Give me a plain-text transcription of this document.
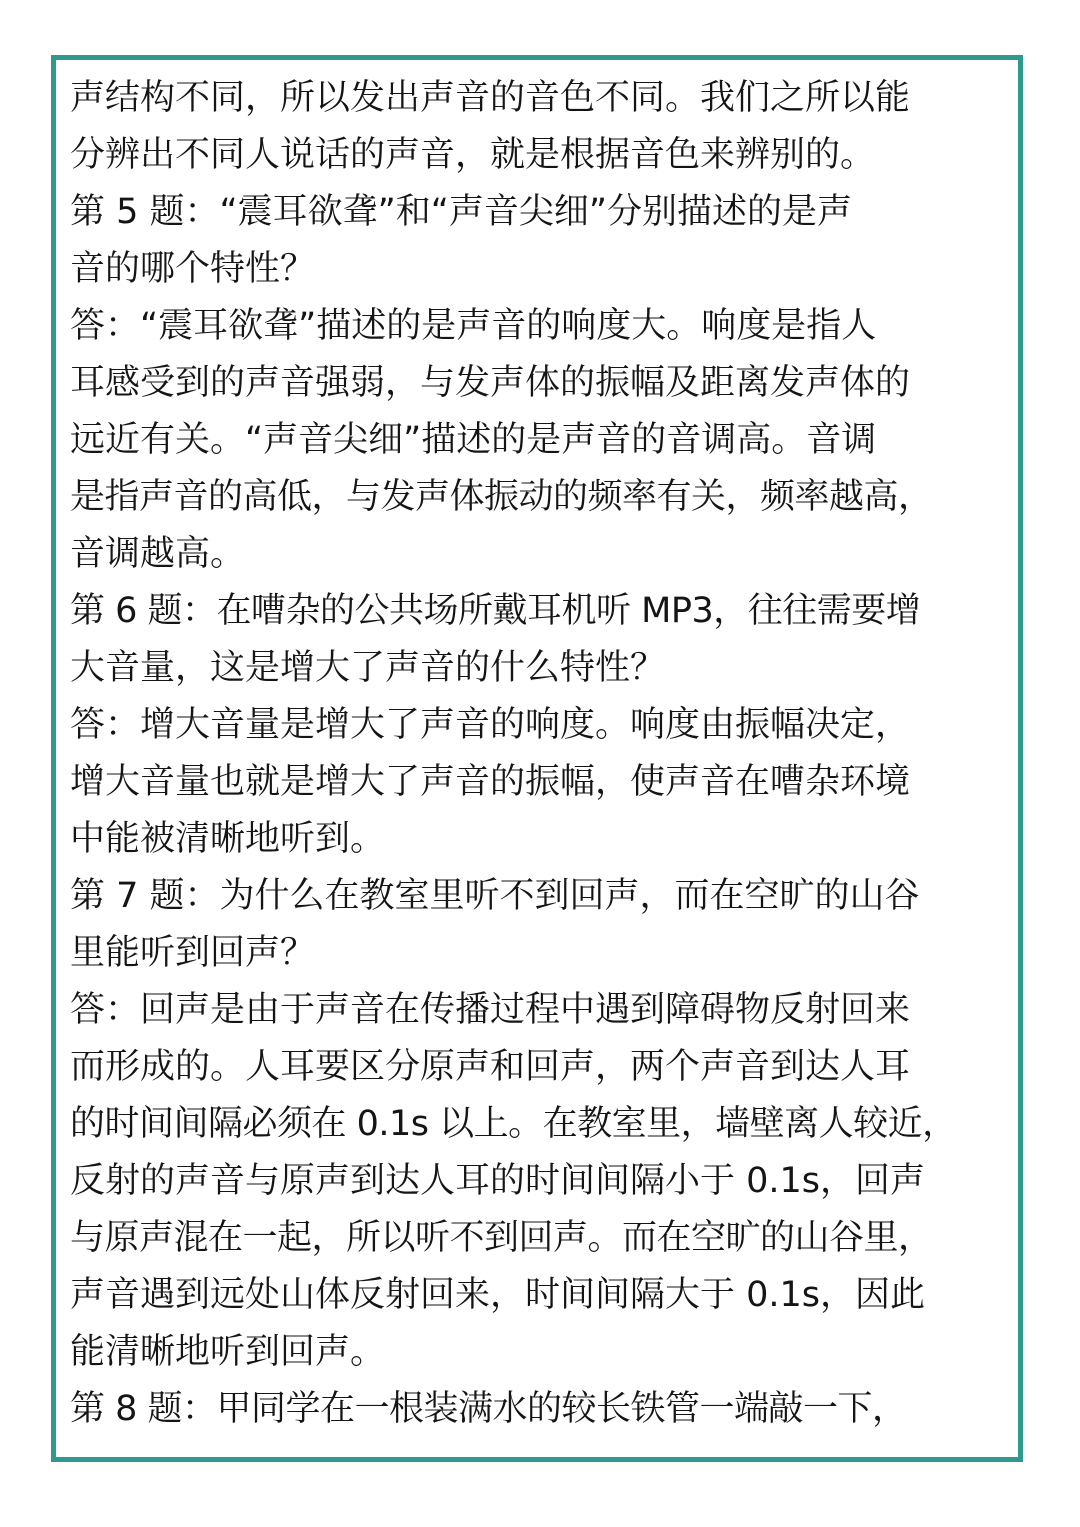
声结构不同，所以发出声音的音色不同。我们之所以能
分辨出不同人说话的声音，就是根据音色来辨别的。
第 5 题：“震耳欲聋”和“声音尖细”分别描述的是声
音的哪个特性？
答：“震耳欲聋”描述的是声音的响度大。响度是指人
耳感受到的声音强弱，与发声体的振幅及距离发声体的
远近有关。“声音尖细”描述的是声音的音调高。音调
是指声音的高低，与发声体振动的频率有关，频率越高，
音调越高。
第 6 题：在嘈杂的公共场所戴耳机听 MP3，往往需要增
大音量，这是增大了声音的什么特性？
答：增大音量是增大了声音的响度。响度由振幅决定，
增大音量也就是增大了声音的振幅，使声音在嘈杂环境
中能被清晰地听到。
第 7 题：为什么在教室里听不到回声，而在空旷的山谷
里能听到回声？
答：回声是由于声音在传播过程中遇到障碍物反射回来
而形成的。人耳要区分原声和回声，两个声音到达人耳
的时间间隔必须在 0.1s 以上。在教室里，墙壁离人较近，
反射的声音与原声到达人耳的时间间隔小于 0.1s，回声
与原声混在一起，所以听不到回声。而在空旷的山谷里，
声音遇到远处山体反射回来，时间间隔大于 0.1s，因此
能清晰地听到回声。
第 8 题：甲同学在一根装满水的较长铁管一端敲一下，
